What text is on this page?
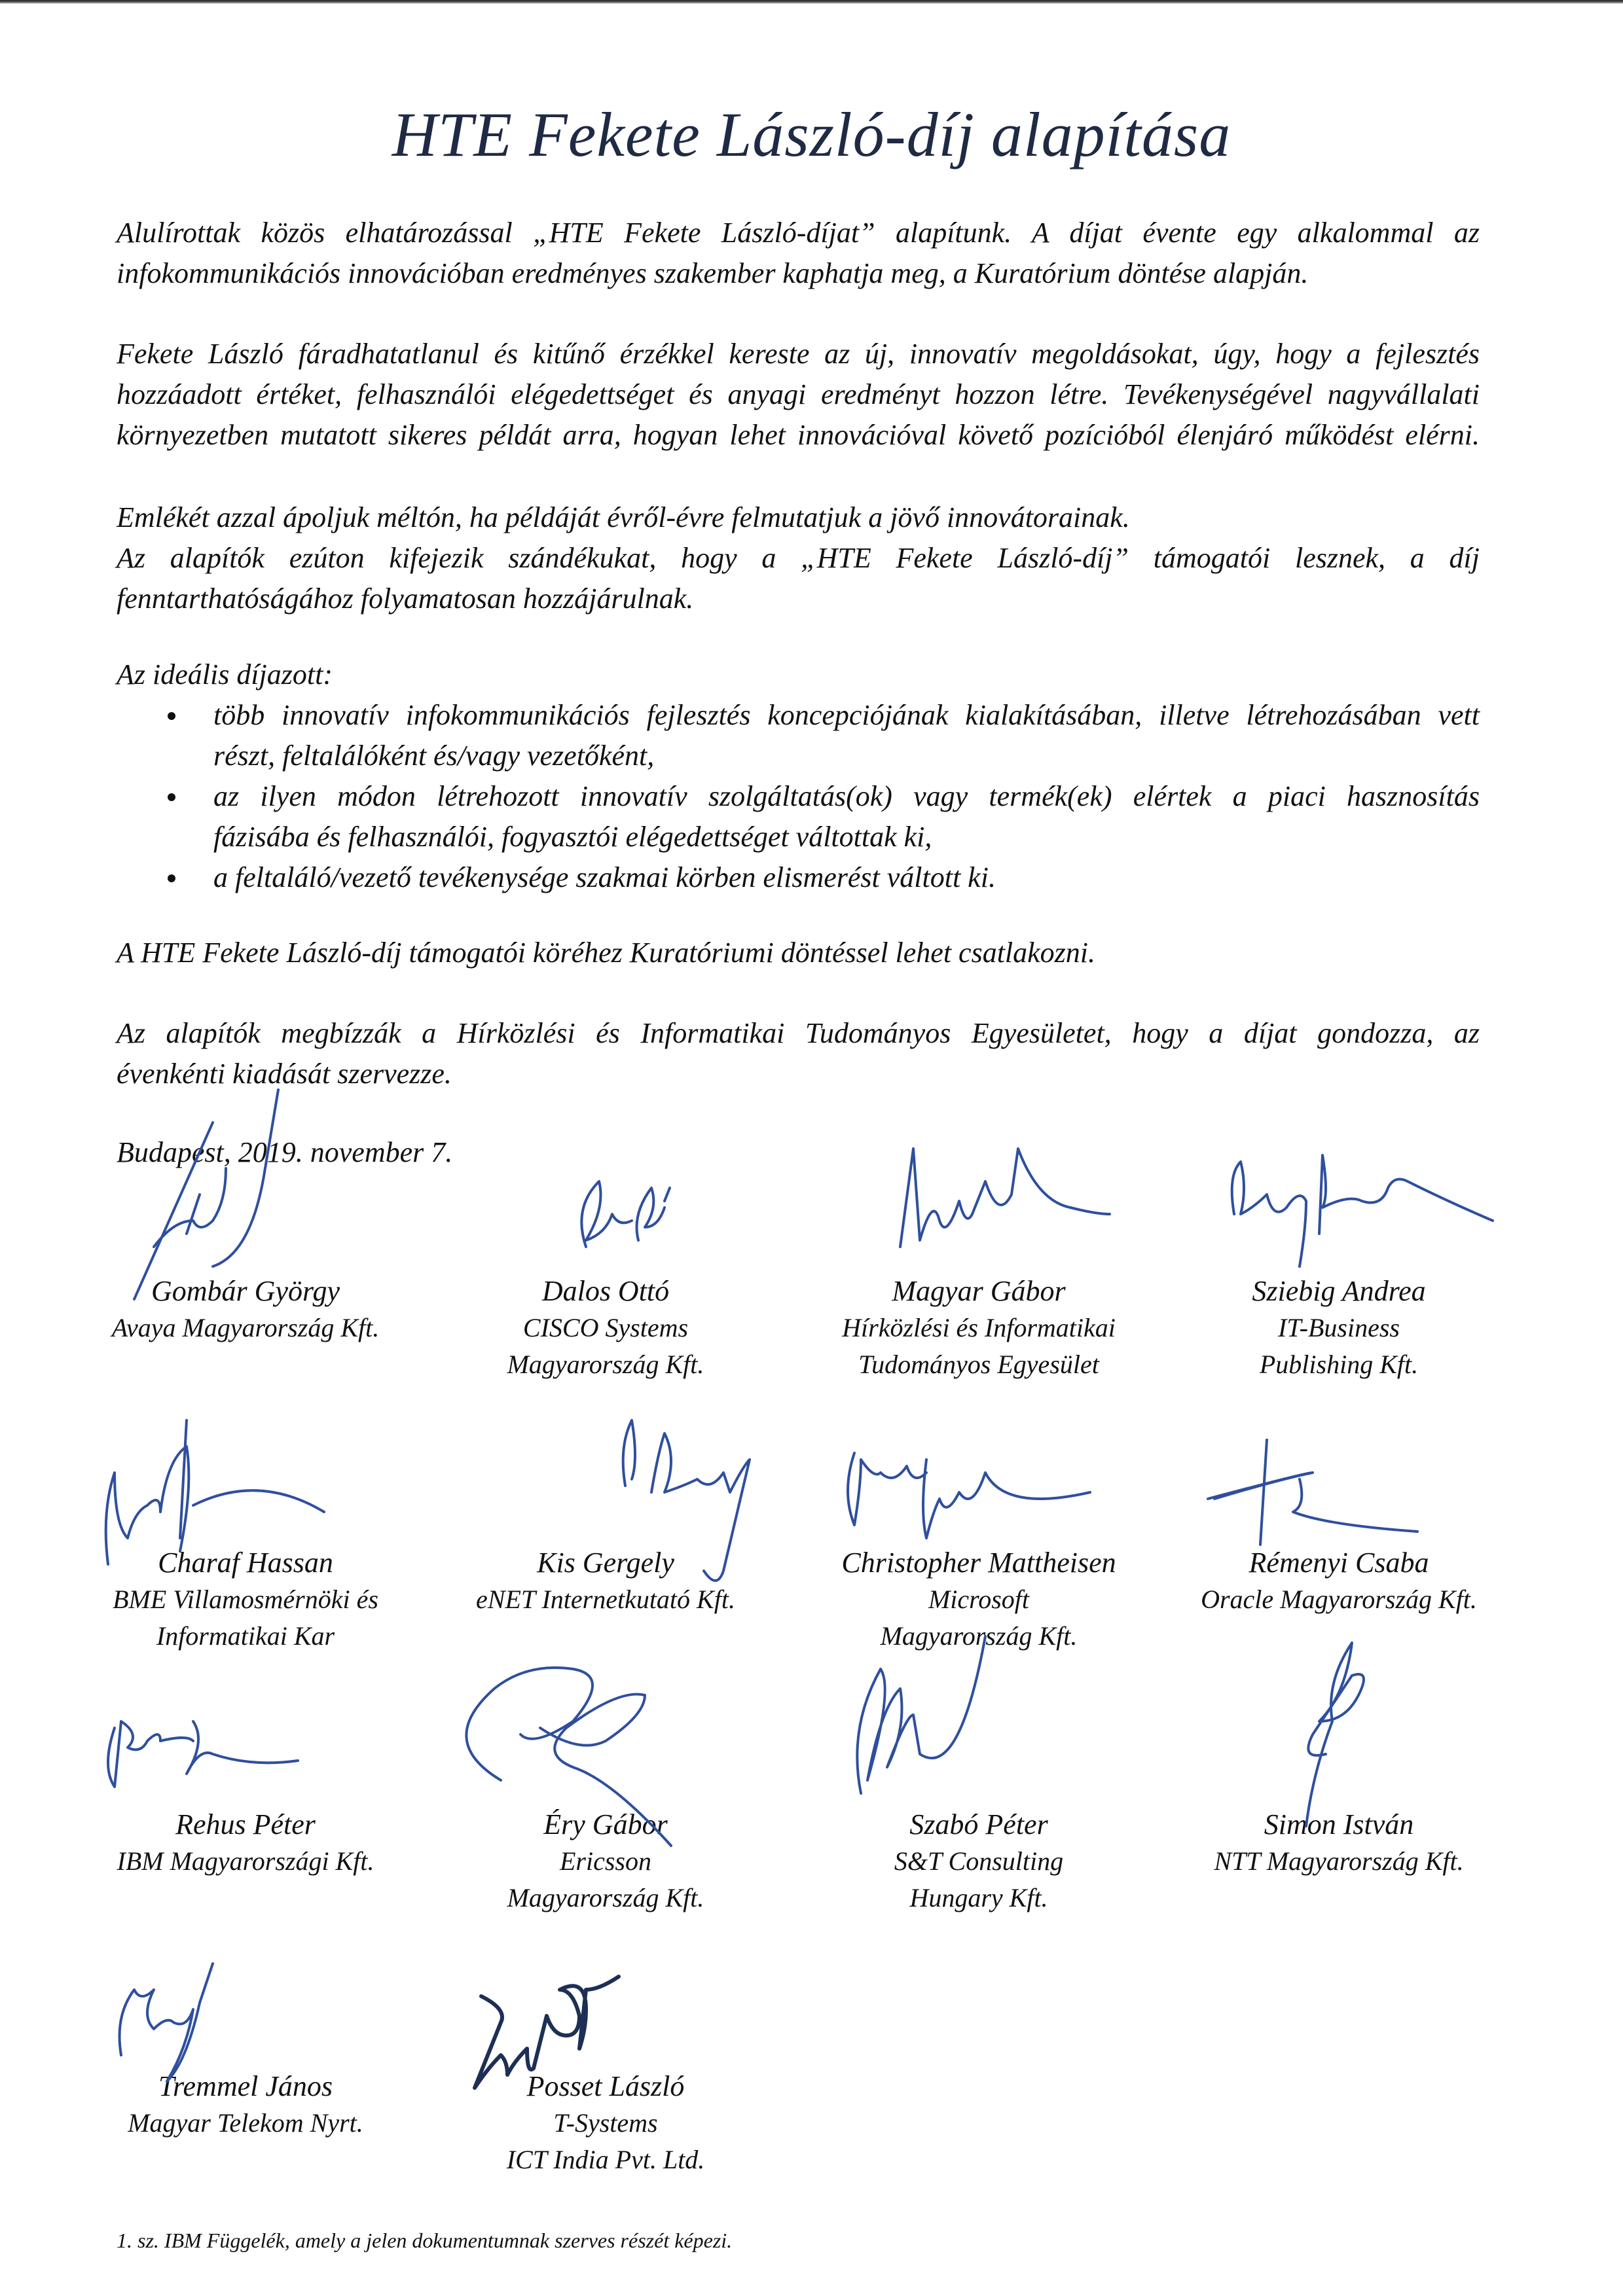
HTE Fekete László-díj alapítása
Alulírottak közös elhatározással „HTE Fekete László-díjat” alapítunk. A díjat évente egy alkalommal az
infokommunikációs innovációban eredményes szakember kaphatja meg, a Kuratórium döntése alapján.
Fekete László fáradhatatlanul és kitűnő érzékkel kereste az új, innovatív megoldásokat, úgy, hogy a fejlesztés
hozzáadott értéket, felhasználói elégedettséget és anyagi eredményt hozzon létre. Tevékenységével nagyvállalati
környezetben mutatott sikeres példát arra, hogyan lehet innovációval követő pozícióból élenjáró működést elérni.
Emlékét azzal ápoljuk méltón, ha példáját évről-évre felmutatjuk a jövő innovátorainak.
Az alapítók ezúton kifejezik szándékukat, hogy a „HTE Fekete László-díj” támogatói lesznek, a díj
fenntarthatóságához folyamatosan hozzájárulnak.
Az ideális díjazott:
több innovatív infokommunikációs fejlesztés koncepciójának kialakításában, illetve létrehozásában vett
részt, feltalálóként és/vagy vezetőként,
az ilyen módon létrehozott innovatív szolgáltatás(ok) vagy termék(ek) elértek a piaci hasznosítás
fázisába és felhasználói, fogyasztói elégedettséget váltottak ki,
a feltaláló/vezető tevékenysége szakmai körben elismerést váltott ki.
A HTE Fekete László-díj támogatói köréhez Kuratóriumi döntéssel lehet csatlakozni.
Az alapítók megbízzák a Hírközlési és Informatikai Tudományos Egyesületet, hogy a díjat gondozza, az
évenkénti kiadását szervezze.
Budapest, 2019. november 7.
Gombár György
Avaya Magyarország Kft.
Dalos Ottó
CISCO Systems
Magyarország Kft.
Magyar Gábor
Hírközlési és Informatikai
Tudományos Egyesület
Sziebig Andrea
IT-Business
Publishing Kft.
Charaf Hassan
BME Villamosmérnöki és
Informatikai Kar
Kis Gergely
eNET Internetkutató Kft.
Christopher Mattheisen
Microsoft
Magyarország Kft.
Rémenyi Csaba
Oracle Magyarország Kft.
Rehus Péter
IBM Magyarországi Kft.
Éry Gábor
Ericsson
Magyarország Kft.
Szabó Péter
S&T Consulting
Hungary Kft.
Simon István
NTT Magyarország Kft.
Tremmel János
Magyar Telekom Nyrt.
Posset László
T-Systems
ICT India Pvt. Ltd.
1. sz. IBM Függelék, amely a jelen dokumentumnak szerves részét képezi.
